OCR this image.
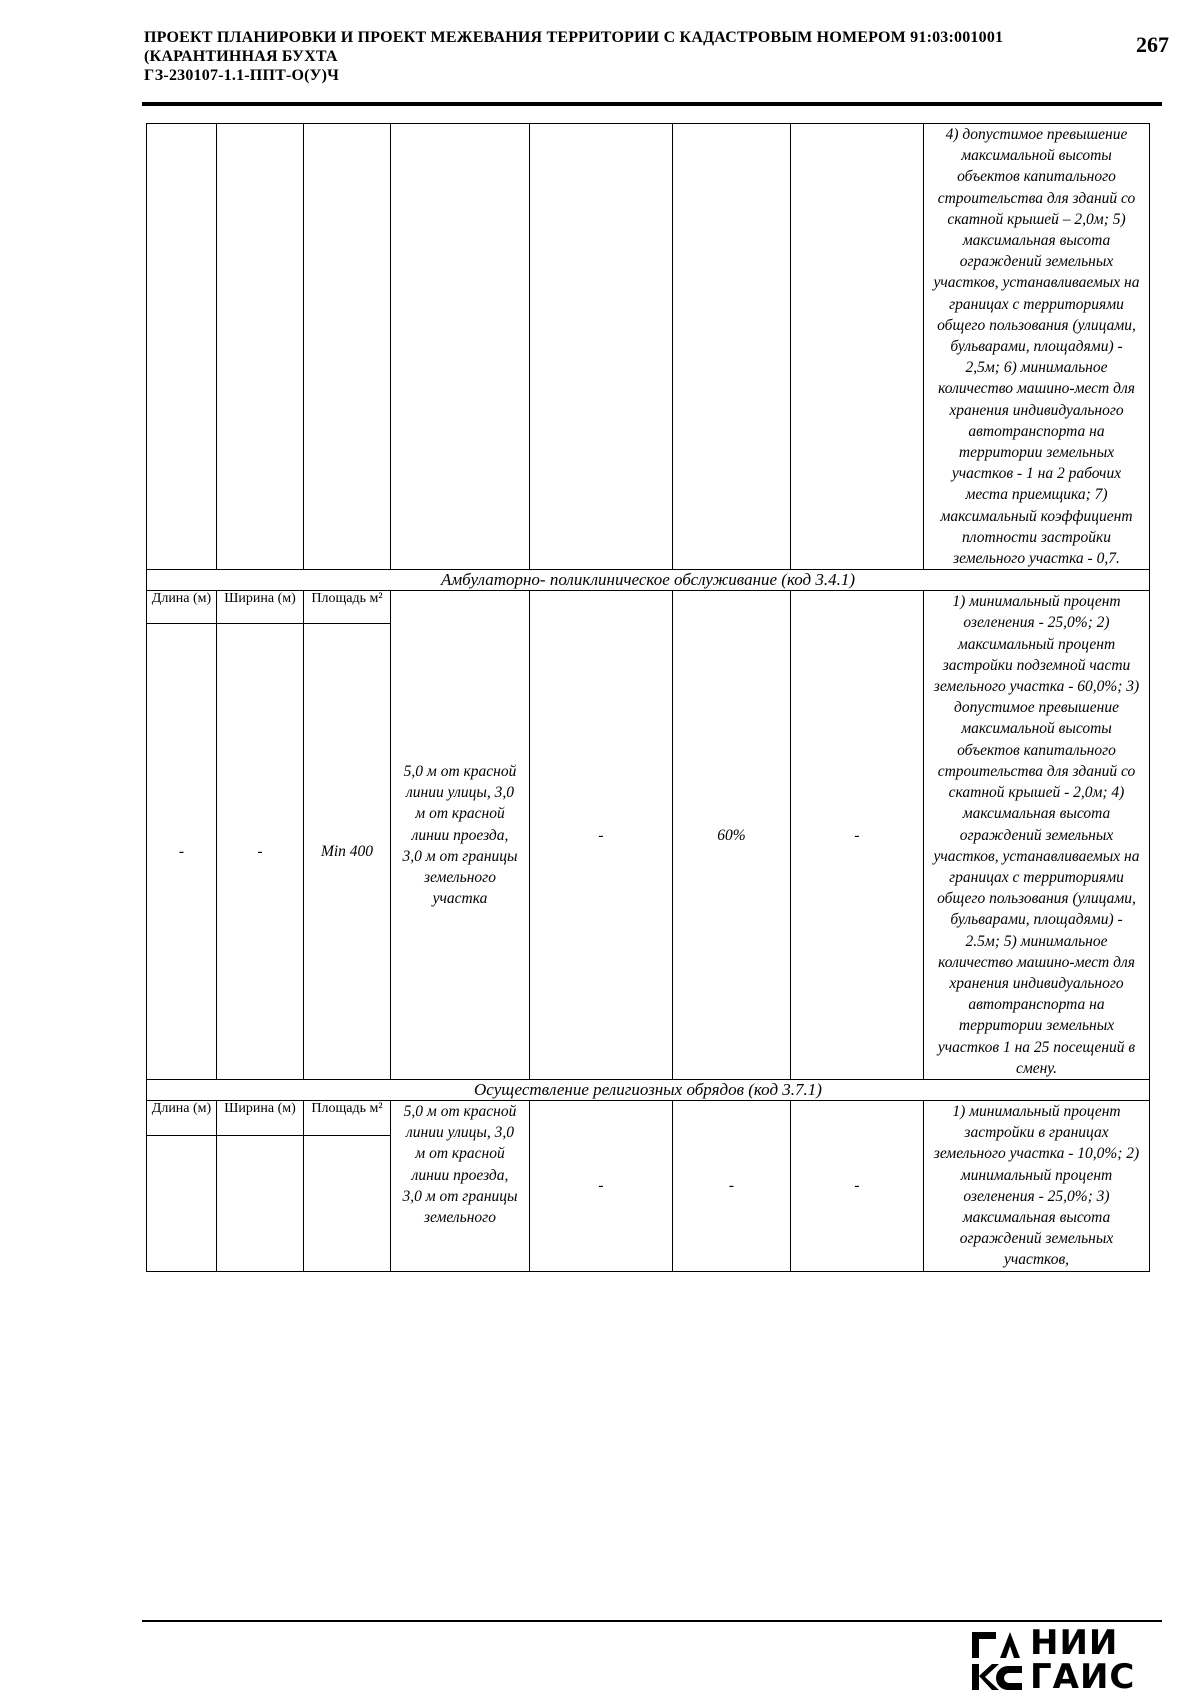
ПРОЕКТ ПЛАНИРОВКИ И ПРОЕКТ МЕЖЕВАНИЯ ТЕРРИТОРИИ С КАДАСТРОВЫМ НОМЕРОМ 91:03:001001
(КАРАНТИННАЯ БУХТА
ГЗ-230107-1.1-ППТ-О(У)Ч
267
							4) допустимое превышение максимальной высоты объектов капитального строительства для зданий со скатной крышей – 2,0м; 5) максимальная высота ограждений земельных участков, устанавливаемых на границах с территориями общего пользования (улицами, бульварами, площадями) - 2,5м; 6) минимальное количество машино-мест для хранения индивидуального автотранспорта на территории земельных участков - 1 на 2 рабочих места приемщика; 7) максимальный коэффициент плотности застройки земельного участка - 0,7.
Амбулаторно- поликлиническое обслуживание (код 3.4.1)							
Длина (м)	Ширина (м)	Площадь м²	5,0 м от красной линии улицы, 3,0 м от красной линии проезда, 3,0 м от границы земельного участка	-	60%	-	1) минимальный процент озеленения - 25,0%; 2) максимальный процент застройки подземной части земельного участка - 60,0%; 3) допустимое превышение максимальной высоты объектов капитального строительства для зданий со скатной крышей - 2,0м; 4) максимальная высота ограждений земельных участков, устанавливаемых на границах с территориями общего пользования (улицами, бульварами, площадями) - 2.5м; 5) минимальное количество машино-мест для хранения индивидуального автотранспорта на территории земельных участков 1 на 25 посещений в смену.
-	-	Min 400					
Осуществление религиозных обрядов (код 3.7.1)							
Длина (м)	Ширина (м)	Площадь м²	5,0 м от красной линии улицы, 3,0 м от красной линии проезда, 3,0 м от границы земельного	-	-	-	1) минимальный процент застройки в границах земельного участка - 10,0%; 2) минимальный процент озеленения - 25,0%; 3) максимальная высота ограждений земельных участков,

НИИ
ГАИС
